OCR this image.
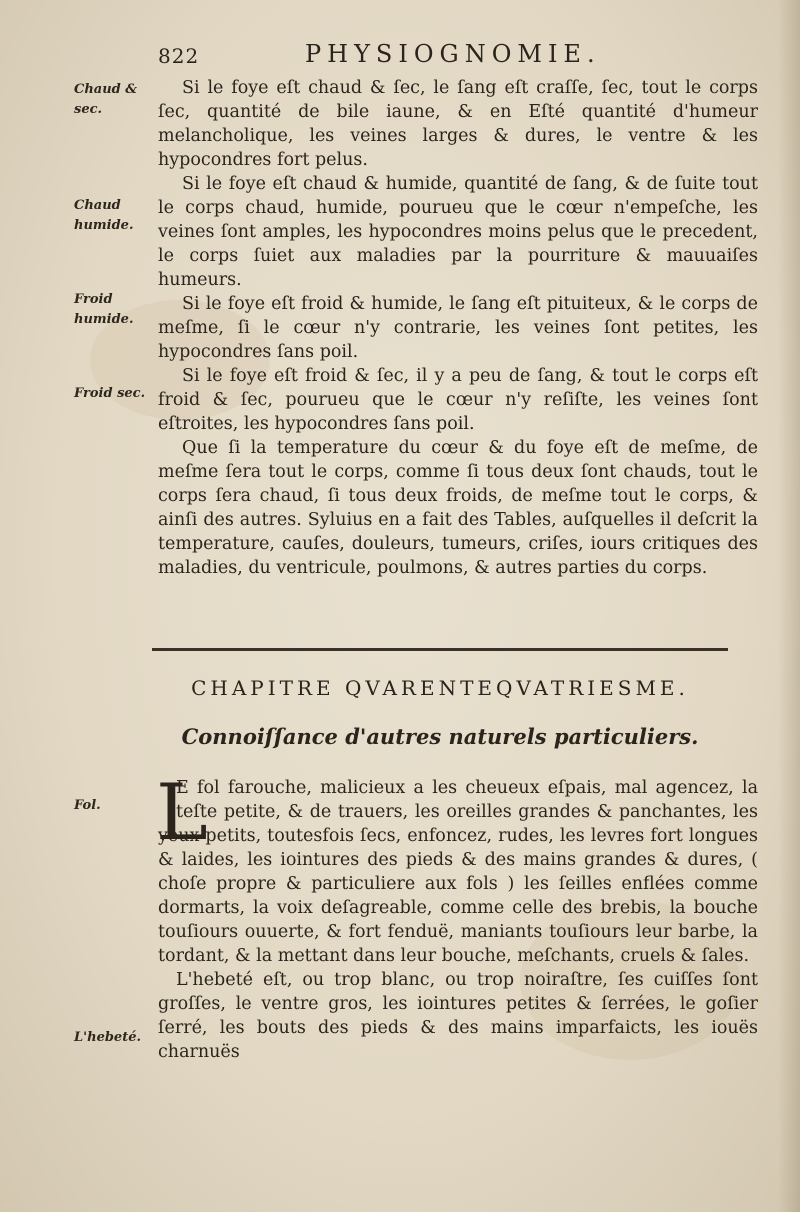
822	PHYSIOGNOMIE.
Chaud & sec.
Chaud humide.
Froid humide.
Froid sec.
Fol.
L'hebeté.

Si le foye eſt chaud & ſec, le ſang eſt craſſe, ſec, tout le corps ſec, quantité de bile iaune, & en Eſté quantité d'humeur melancholique, les veines larges & dures, le ventre & les hypocondres fort pelus.

Si le foye eſt chaud & humide, quantité de ſang, & de ſuite tout le corps chaud, humide, pourueu que le cœur n'empeſche, les veines ſont amples, les hypocondres moins pelus que le precedent, le corps ſuiet aux maladies par la pourriture & mauuaiſes humeurs.

Si le foye eſt froid & humide, le ſang eſt pituiteux, & le corps de meſme, ſi le cœur n'y contrarie, les veines ſont petites, les hypocondres ſans poil.

Si le foye eſt froid & ſec, il y a peu de ſang, & tout le corps eſt froid & ſec, pourueu que le cœur n'y reſiſte, les veines ſont eſtroites, les hypocondres ſans poil.

Que ſi la temperature du cœur & du foye eſt de meſme, de meſme ſera tout le corps, comme ſi tous deux ſont chauds, tout le corps ſera chaud, ſi tous deux froids, de meſme tout le corps, & ainſi des autres. Syluius en a fait des Tables, auſquelles il deſcrit la temperature, cauſes, douleurs, tumeurs, criſes, iours critiques des maladies, du ventricule, poulmons, & autres parties du corps.

CHAPITRE QVARENTEQVATRIESME.
Connoiſſance d'autres naturels particuliers.
L

E fol farouche, malicieux a les cheueux eſpais, mal agencez, la teſte petite, & de trauers, les oreilles grandes & panchantes, les yeux petits, toutesfois ſecs, enfoncez, rudes, les levres fort longues & laides, les iointures des pieds & des mains grandes & dures, ( choſe propre & particuliere aux fols ) les ſeilles enflées comme dormarts, la voix deſagreable, comme celle des brebis, la bouche touſiours ouuerte, & fort fenduë, maniants touſiours leur barbe, la tordant, & la mettant dans leur bouche, meſchants, cruels & ſales.

L'hebeté eſt, ou trop blanc, ou trop noiraſtre, ſes cuiſſes ſont groſſes, le ventre gros, les iointures petites & ſerrées, le goſier ſerré, les bouts des pieds & des mains imparfaicts, les iouës charnuës
